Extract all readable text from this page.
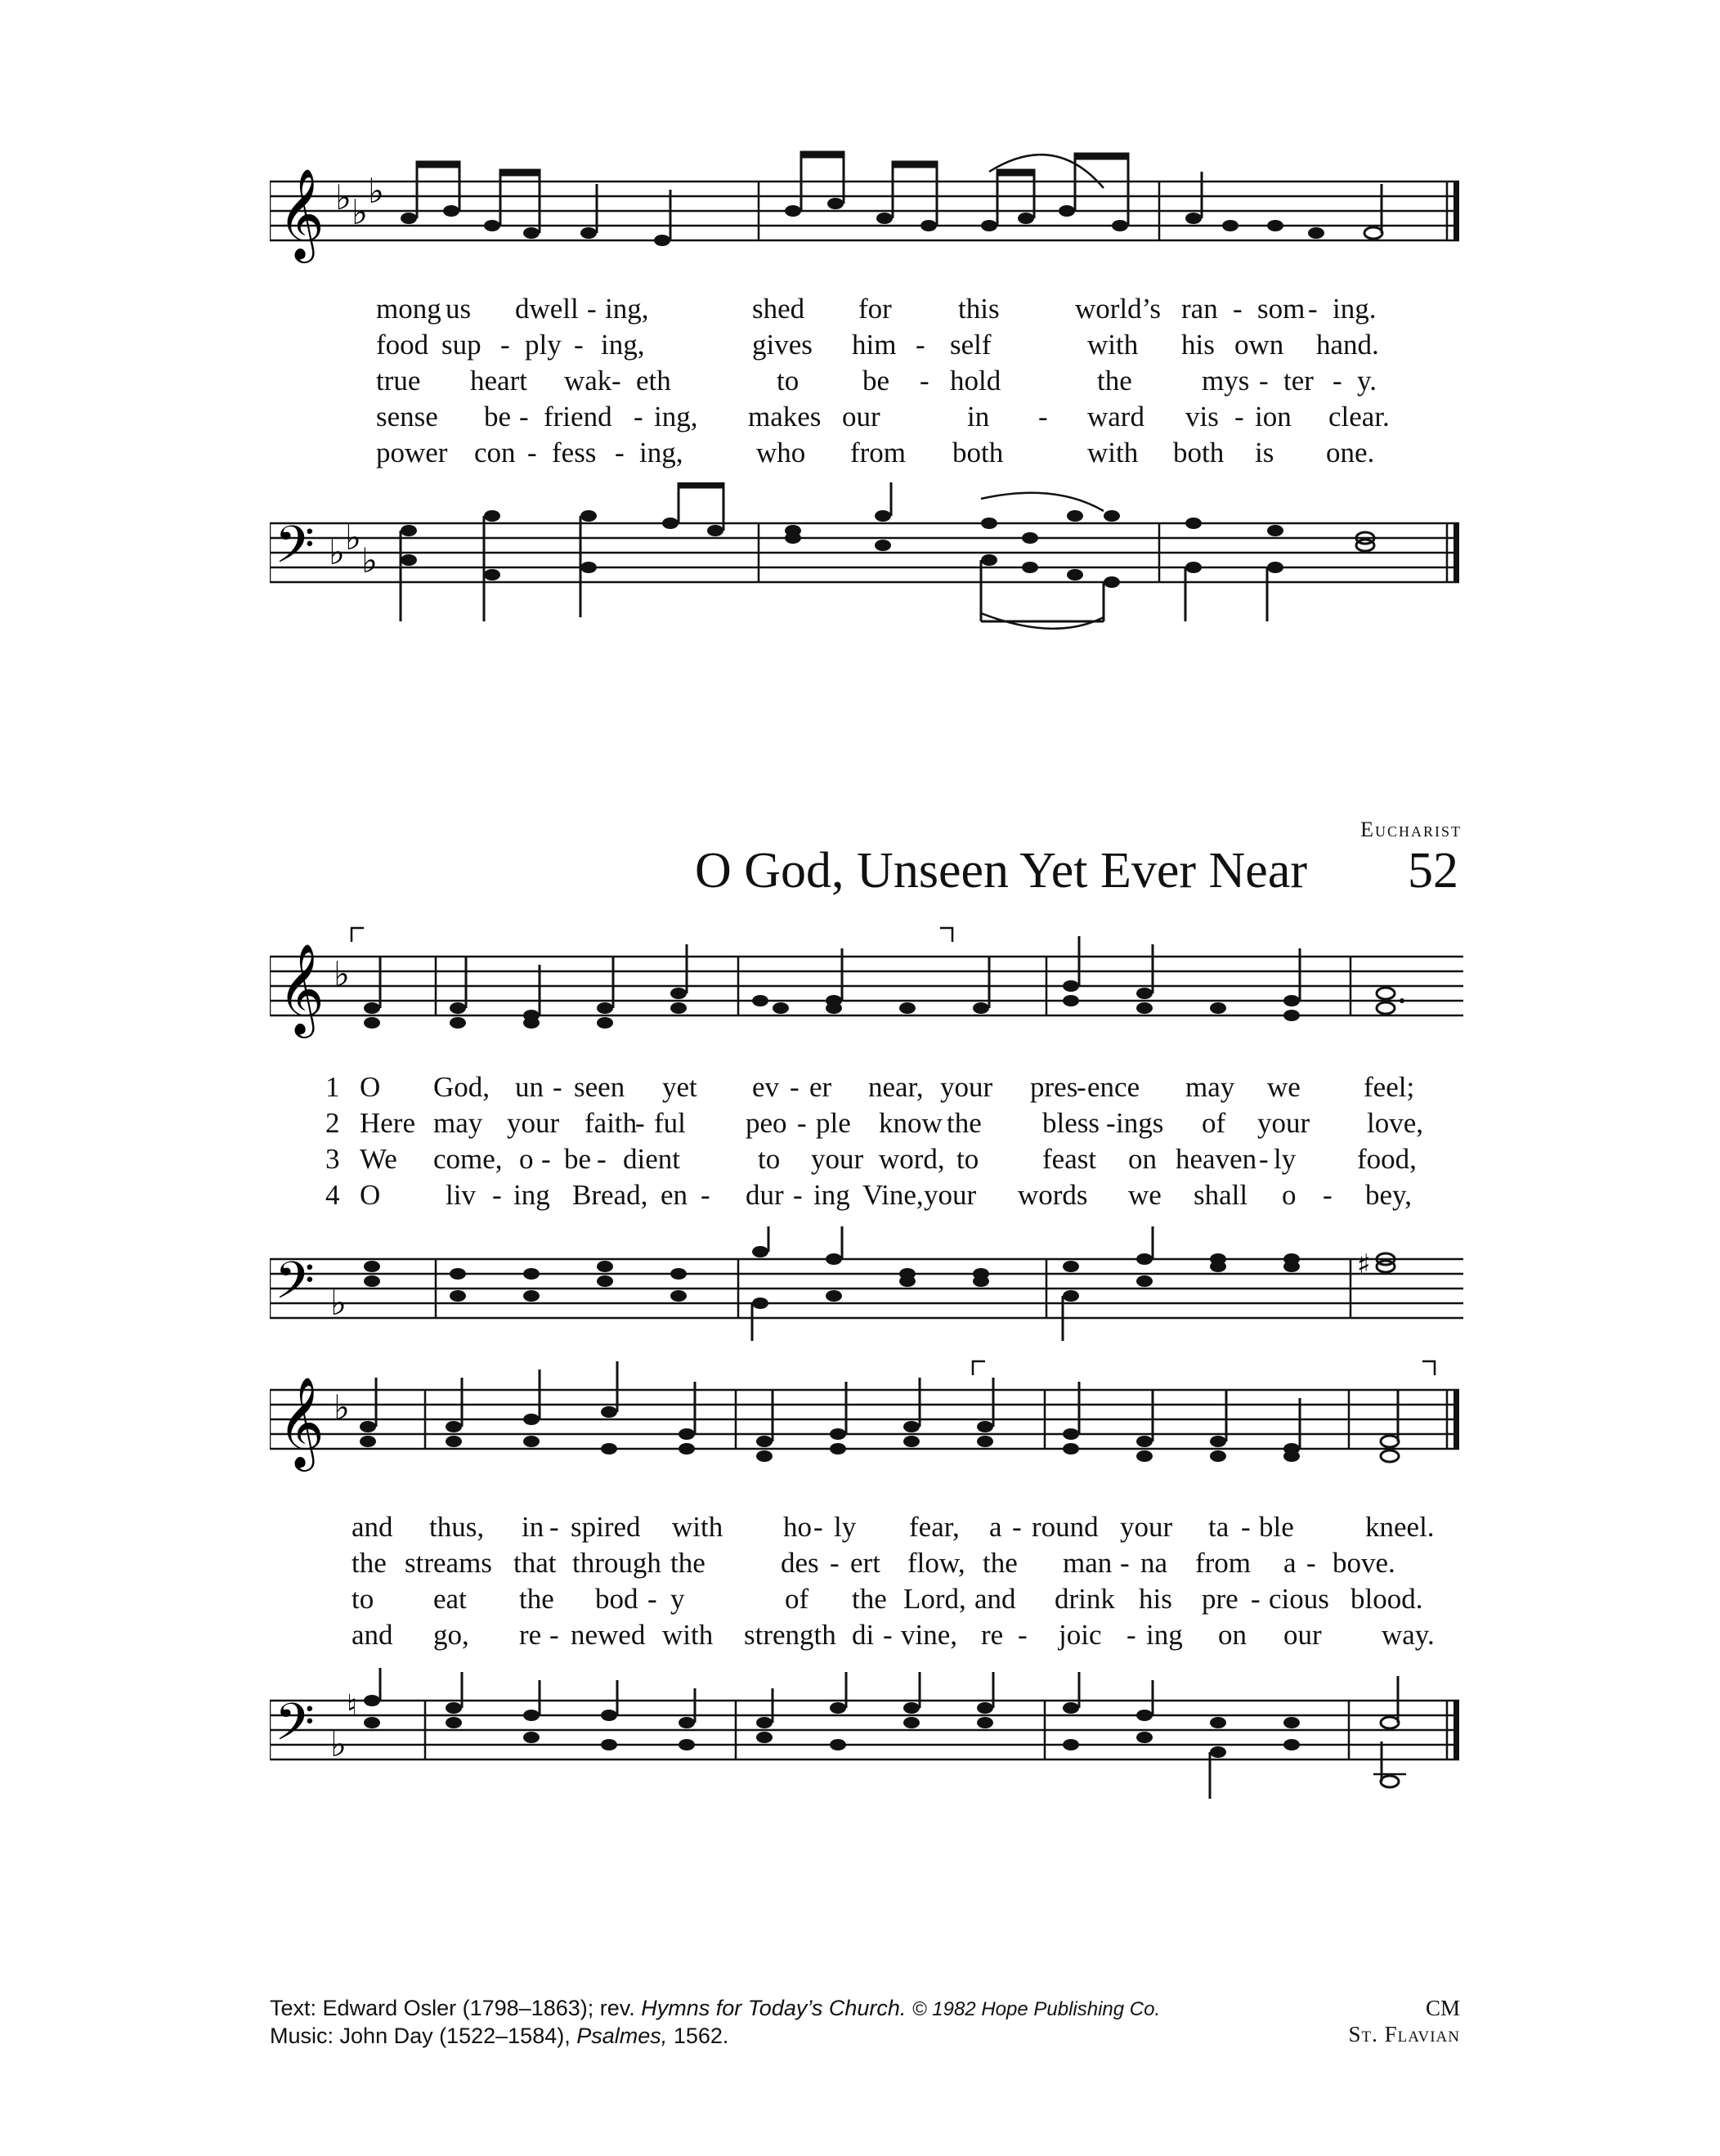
𝄞 ♭ ♭
♭
mong us dwell - ing,	shed for this	world’s ran - som - ing.
food sup - ply - ing,	gives him - self	with his own hand.
true heart wak - eth	to be - hold	the mys - ter - y.
sense be - friend - ing, makes our	in - ward vis - ion clear.
power con - fess - ing,	who from both	with both is one.
𝄢 ♭ ♭
♭
Eucharist
O God, Unseen Yet Ever Near 52
𝄞 ♭
1 O God, un - seen yet ev - er near, your pres
- ence may we feel;
2 Here may your faith
- ful peo - ple know the bless - ings of your love,
3 We come, o - be - dient	to your word, to feast on heaven - ly food,
4 O liv - ing Bread, en - dur - ing Vine, your words we shall o - bey,
𝄢 ♭
♯
𝄞 ♭
and thus, in - spired with ho - ly fear, a - round your ta - ble kneel.
the streams that through the	des - ert flow, the man - na from a - bove.
to eat the bod - y	of the Lord, and drink his pre - cious blood.
and go, re - newed with strength di - vine, re - joic - ing on our way.
𝄢 ♭
♮
Text: Edward Osler (1798–1863); rev. Hymns for Today’s Church. © 1982 Hope Publishing Co.
Music: John Day (1522–1584), Psalmes, 1562.
CM
St. Flavian
